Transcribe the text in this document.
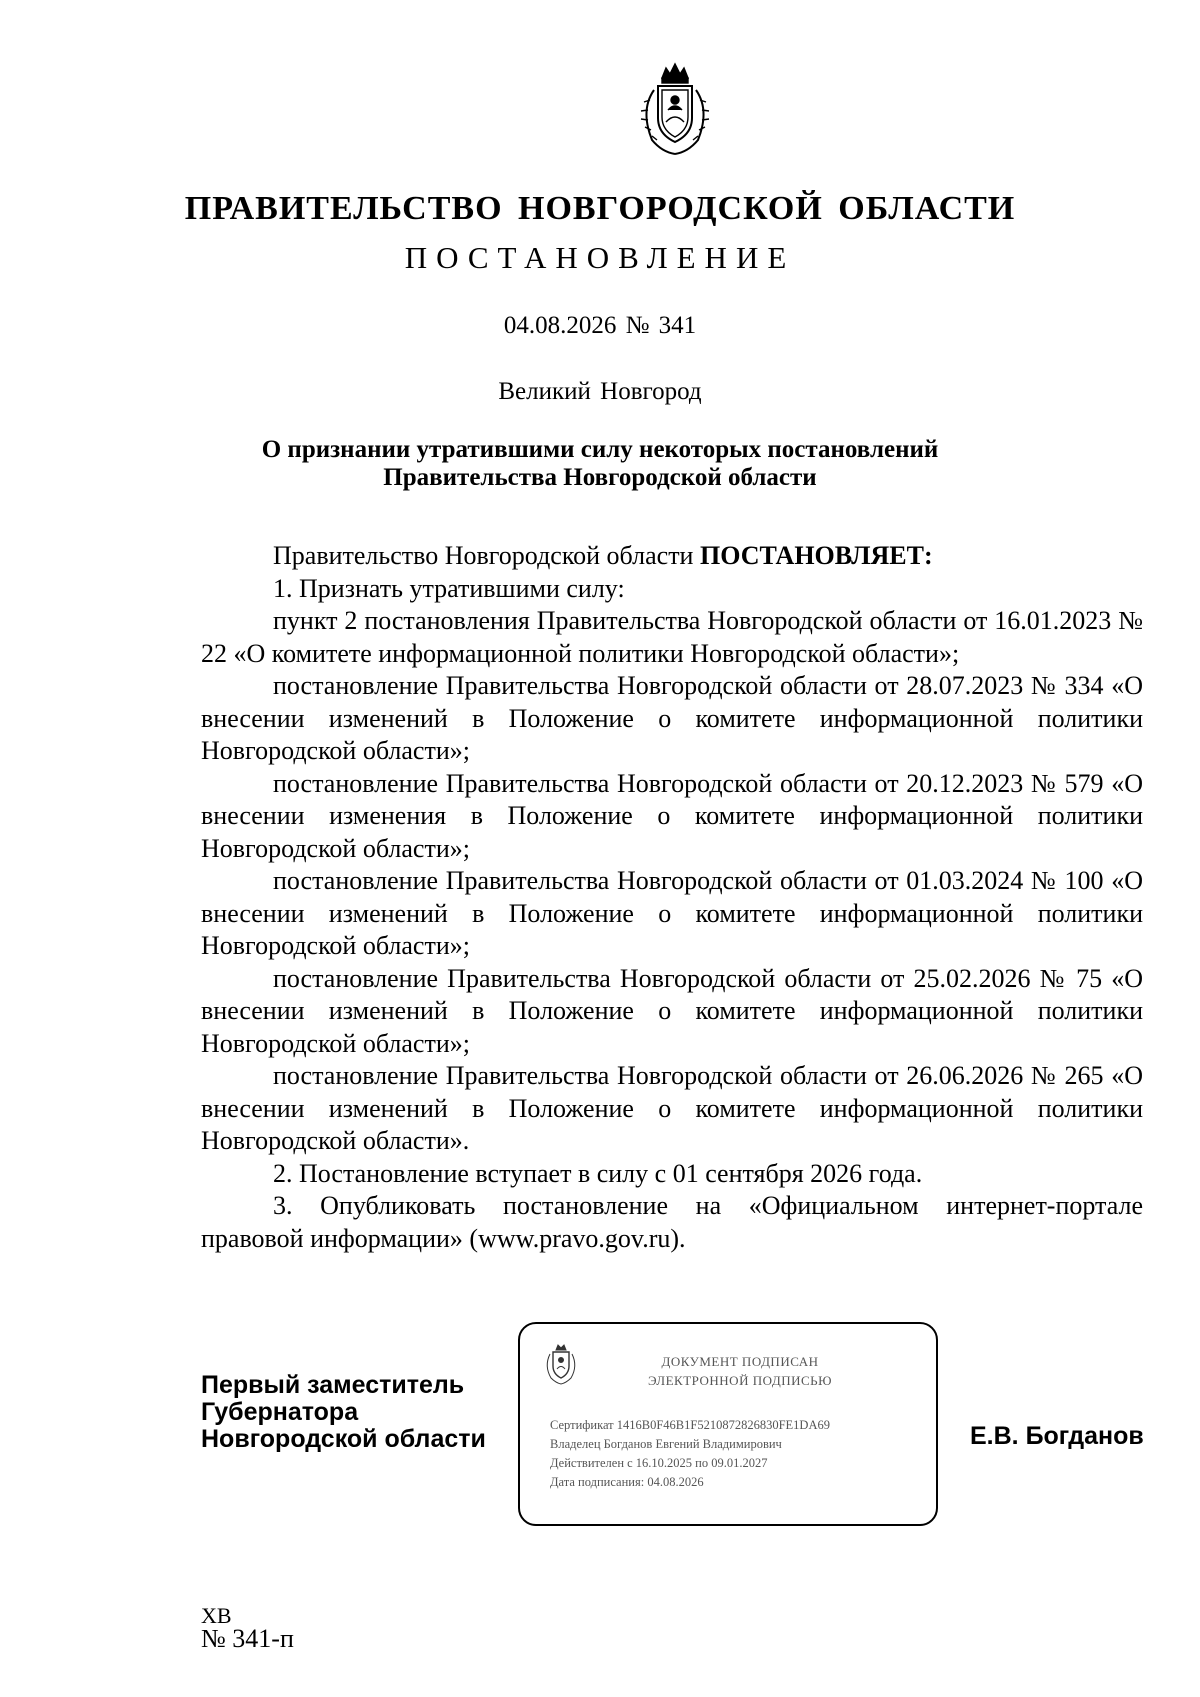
ПРАВИТЕЛЬСТВО НОВГОРОДСКОЙ ОБЛАСТИ
ПОСТАНОВЛЕНИЕ
04.08.2026 № 341
Великий Новгород
О признании утратившими силу некоторых постановлений
Правительства Новгородской области

Правительство Новгородской области ПОСТАНОВЛЯЕТ:

1. Признать утратившими силу:

пункт 2 постановления Правительства Новгородской области от 16.01.2023 № 22 «О комитете информационной политики Новгородской области»;

постановление Правительства Новгородской области от 28.07.2023 № 334 «О внесении изменений в Положение о комитете информационной политики Новгородской области»;

постановление Правительства Новгородской области от 20.12.2023 № 579 «О внесении изменения в Положение о комитете информационной политики Новгородской области»;

постановление Правительства Новгородской области от 01.03.2024 № 100 «О внесении изменений в Положение о комитете информационной политики Новгородской области»;

постановление Правительства Новгородской области от 25.02.2026 № 75 «О внесении изменений в Положение о комитете информационной политики Новгородской области»;

постановление Правительства Новгородской области от 26.06.2026 № 265 «О внесении изменений в Положение о комитете информационной политики Новгородской области».

2. Постановление вступает в силу с 01 сентября 2026 года.

3. Опубликовать постановление на «Официальном интернет-портале правовой информации» (www.pravo.gov.ru).

Первый заместитель
Губернатора
Новгородской области
ДОКУМЕНТ ПОДПИСАН
ЭЛЕКТРОННОЙ ПОДПИСЬЮ
Сертификат 1416B0F46B1F5210872826830FE1DA69
Владелец Богданов Евгений Владимирович
Действителен с 16.10.2025 по 09.01.2027
Дата подписания: 04.08.2026
Е.В. Богданов
ХВ
№ 341-п
